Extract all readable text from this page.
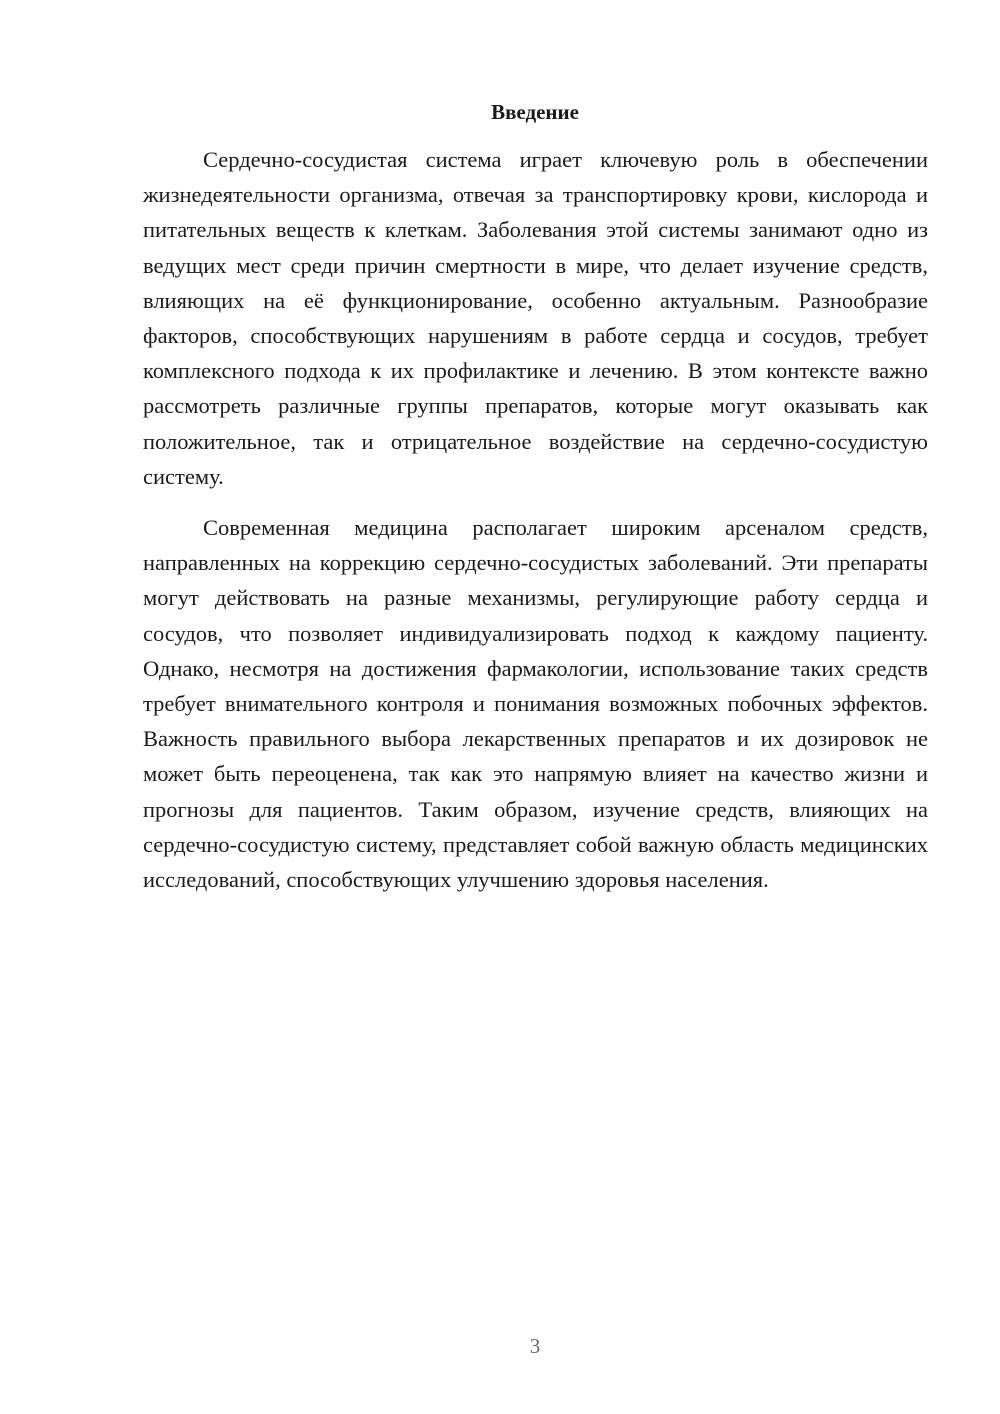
Введение

Сердечно-сосудистая система играет ключевую роль в обеспечении жизнедеятельности организма, отвечая за транспортировку крови, кислорода и питательных веществ к клеткам. Заболевания этой системы занимают одно из ведущих мест среди причин смертности в мире, что делает изучение средств, влияющих на её функционирование, особенно актуальным. Разнообразие факторов, способствующих нарушениям в работе сердца и сосудов, требует комплексного подхода к их профилактике и лечению. В этом контексте важно рассмотреть различные группы препаратов, которые могут оказывать как положительное, так и отрицательное воздействие на сердечно-сосудистую систему.

Современная медицина располагает широким арсеналом средств, направленных на коррекцию сердечно-сосудистых заболеваний. Эти препараты могут действовать на разные механизмы, регулирующие работу сердца и сосудов, что позволяет индивидуализировать подход к каждому пациенту. Однако, несмотря на достижения фармакологии, использование таких средств требует внимательного контроля и понимания возможных побочных эффектов. Важность правильного выбора лекарственных препаратов и их дозировок не может быть переоценена, так как это напрямую влияет на качество жизни и прогнозы для пациентов. Таким образом, изучение средств, влияющих на сердечно-сосудистую систему, представляет собой важную область медицинских исследований, способствующих улучшению здоровья населения.

3
